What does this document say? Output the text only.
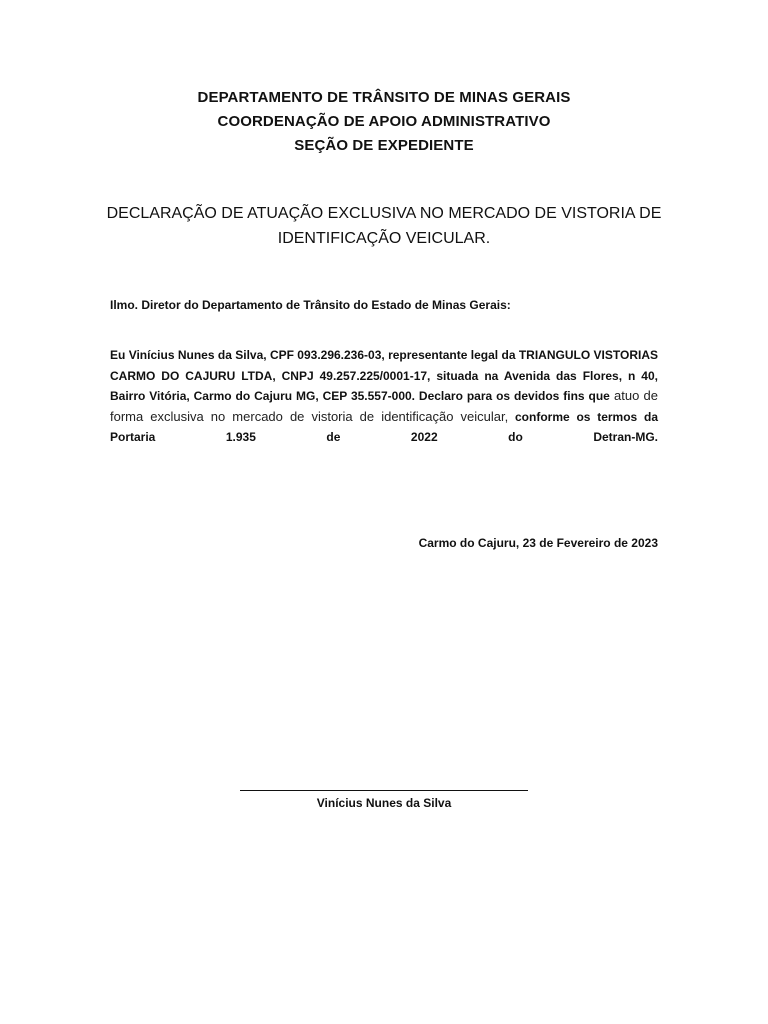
DEPARTAMENTO DE TRÂNSITO DE MINAS GERAIS
COORDENAÇÃO DE APOIO ADMINISTRATIVO
SEÇÃO DE EXPEDIENTE
DECLARAÇÃO DE ATUAÇÃO EXCLUSIVA NO MERCADO DE VISTORIA DE
IDENTIFICAÇÃO VEICULAR.
Ilmo. Diretor do Departamento de Trânsito do Estado de Minas Gerais:
Eu Vinícius Nunes da Silva, CPF 093.296.236-03, representante legal da TRIANGULO VISTORIAS CARMO DO CAJURU LTDA, CNPJ 49.257.225/0001-17, situada na Avenida das Flores, n 40, Bairro Vitória, Carmo do Cajuru MG, CEP 35.557-000. Declaro para os devidos fins que atuo de forma exclusiva no mercado de vistoria de identificação veicular, conforme os termos da Portaria 1.935 de 2022 do Detran-MG.
Carmo do Cajuru, 23 de Fevereiro de 2023
Vinícius Nunes da Silva
